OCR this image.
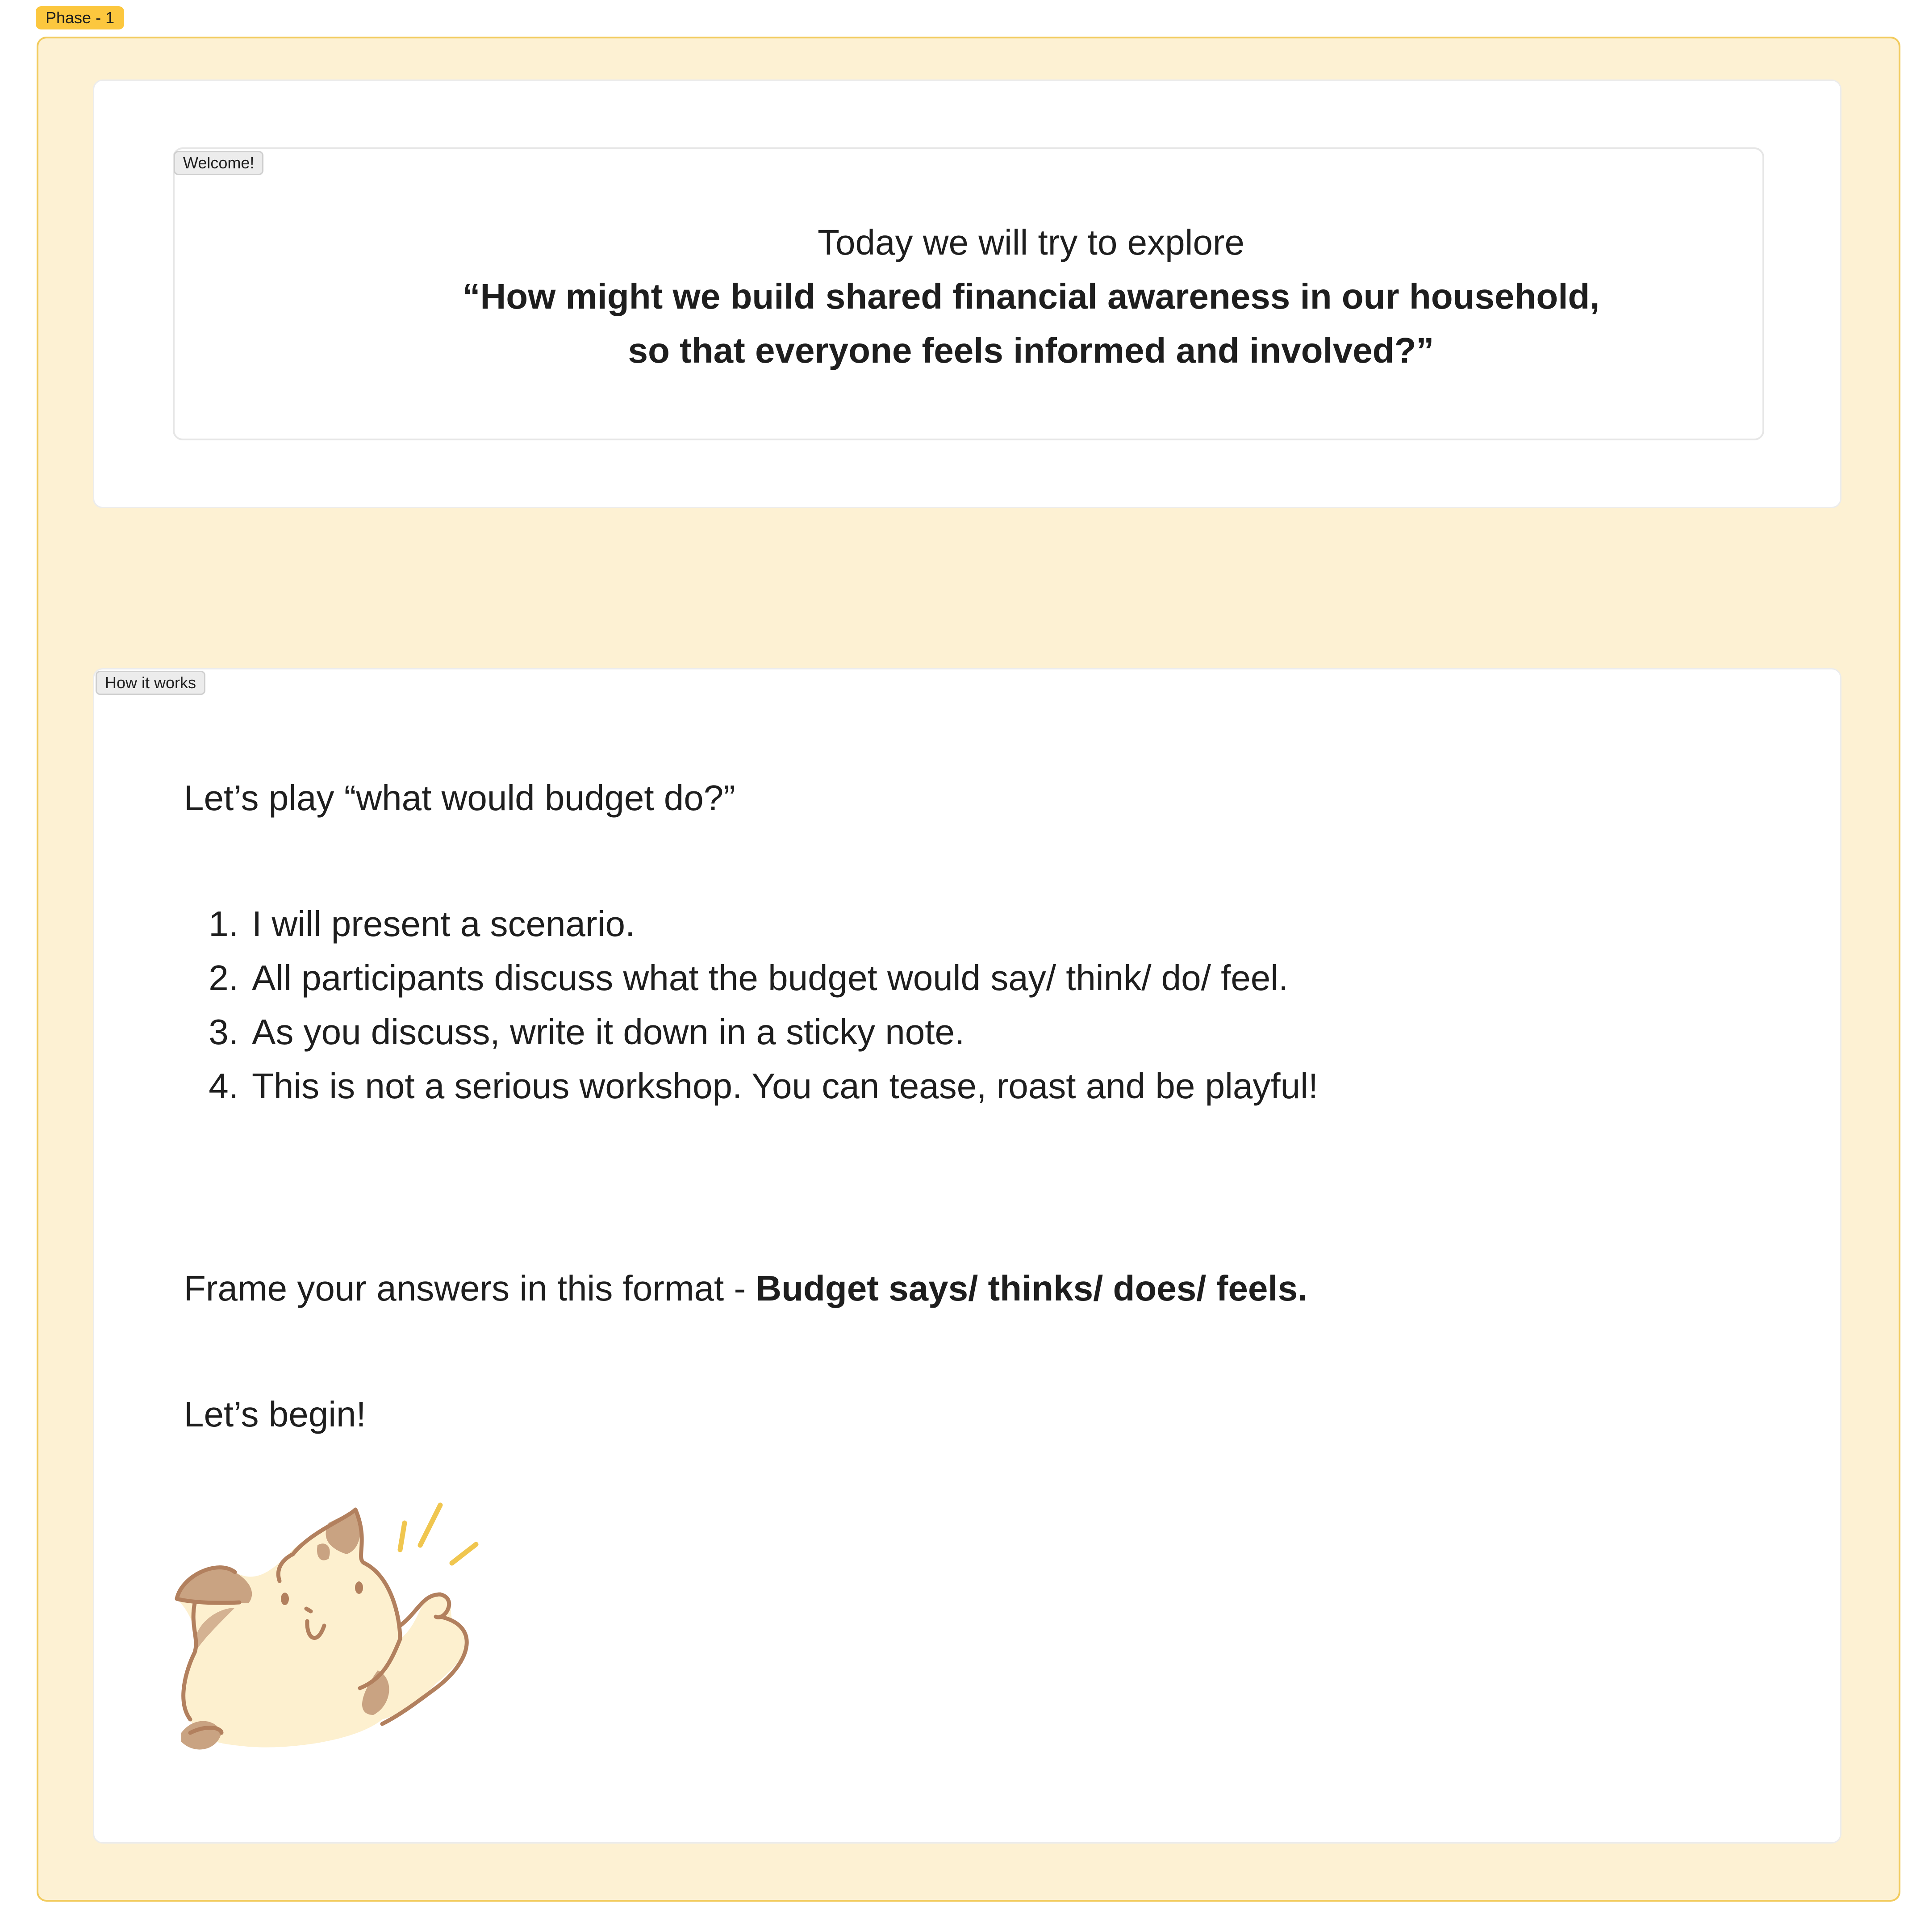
Phase - 1
Welcome!
Today we will try to explore
“How might we build shared financial awareness in our household,
so that everyone feels informed and involved?”
How it works
Let’s play “what would budget do?”
1. I will present a scenario.
2. All participants discuss what the budget would say/ think/ do/ feel.
3. As you discuss, write it down in a sticky note.
4. This is not a serious workshop. You can tease, roast and be playful!
Frame your answers in this format - Budget says/ thinks/ does/ feels.
Let’s begin!
